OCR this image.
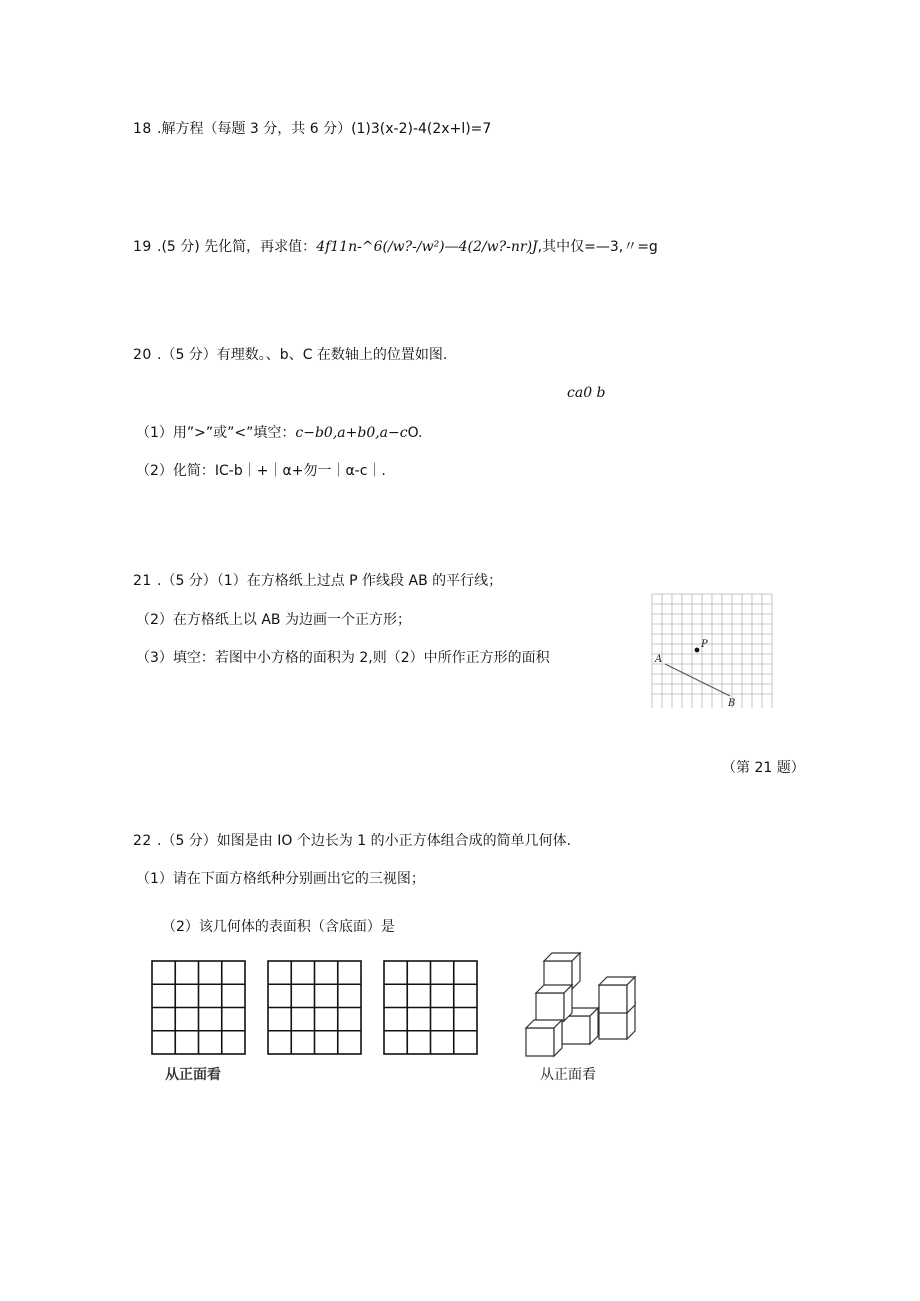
18 .解方程（每题 3 分，共 6 分）(1)3(x-2)-4(2x+l)=7
19 .(5 分) 先化简，再求值：4f11n-^6(∕w?-∕w²)—4(2∕w?-nr)J,其中仅=—3,〃=g
20 .（5 分）有理数。、b、C 在数轴上的位置如图.
ca0 b
（1）用”>”或”<”填空：c−b0,a+b0,a−cO.
（2）化简：IC-b｜+｜α+勿一｜α-c｜.
21 .（5 分）（1）在方格纸上过点 P 作线段 AB 的平行线；
（2）在方格纸上以 AB 为边画一个正方形；
（3）填空：若图中小方格的面积为 2,则（2）中所作正方形的面积	A
P
B
（第 21 题）
22 .（5 分）如图是由 IO 个边长为 1 的小正方体组合成的简单几何体.
（1）请在下面方格纸种分别画出它的三视图；
（2）该几何体的表面积（含底面）是
从正面看	从正面看
